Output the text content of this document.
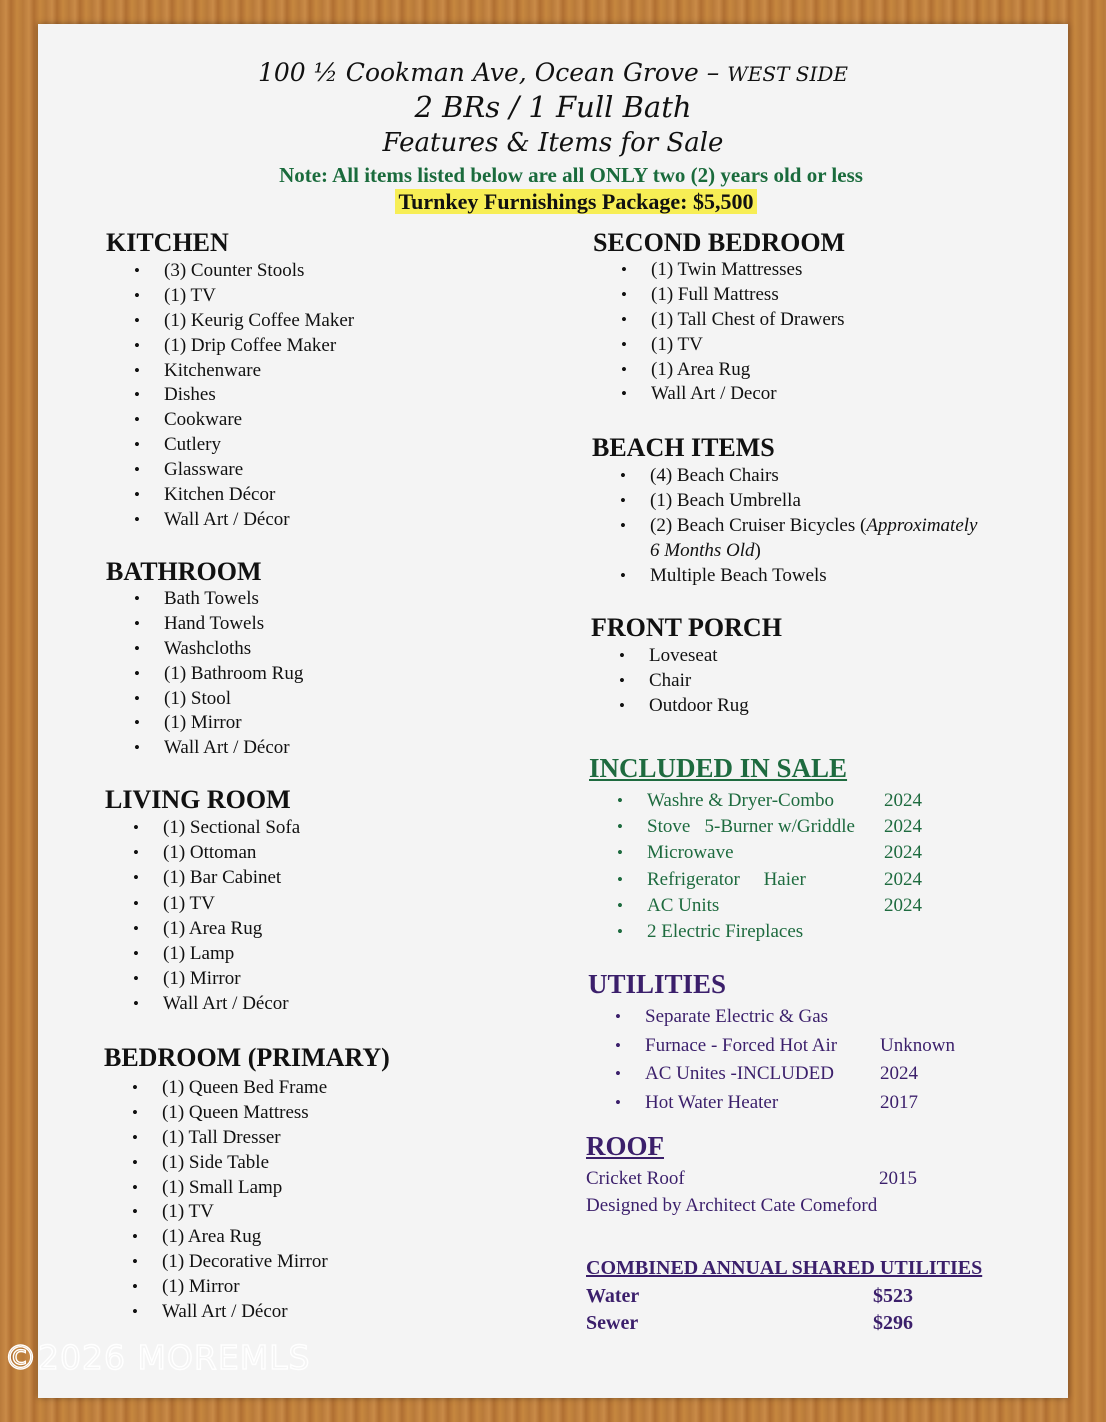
100 ½ Cookman Ave, Ocean Grove – WEST SIDE
2 BRs / 1 Full Bath
Features & Items for Sale
Note: All items listed below are all ONLY two (2) years old or less
Turnkey Furnishings Package: $5,500
KITCHEN
• (3) Counter Stools
• (1) TV
• (1) Keurig Coffee Maker
• (1) Drip Coffee Maker
• Kitchenware
• Dishes
• Cookware
• Cutlery
• Glassware
• Kitchen Décor
• Wall Art / Décor
BATHROOM
• Bath Towels
• Hand Towels
• Washcloths
• (1) Bathroom Rug
• (1) Stool
• (1) Mirror
• Wall Art / Décor
LIVING ROOM
• (1) Sectional Sofa
• (1) Ottoman
• (1) Bar Cabinet
• (1) TV
• (1) Area Rug
• (1) Lamp
• (1) Mirror
• Wall Art / Décor
BEDROOM (PRIMARY)
• (1) Queen Bed Frame
• (1) Queen Mattress
• (1) Tall Dresser
• (1) Side Table
• (1) Small Lamp
• (1) TV
• (1) Area Rug
• (1) Decorative Mirror
• (1) Mirror
• Wall Art / Décor
SECOND BEDROOM
• (1) Twin Mattresses
• (1) Full Mattress
• (1) Tall Chest of Drawers
• (1) TV
• (1) Area Rug
• Wall Art / Decor
BEACH ITEMS
• (4) Beach Chairs
• (1) Beach Umbrella
• (2) Beach Cruiser Bicycles (Approximately
6 Months Old)
• Multiple Beach Towels
FRONT PORCH
• Loveseat
• Chair
• Outdoor Rug
INCLUDED IN SALE
• Washre & Dryer-Combo	2024
• Stove   5-Burner w/Griddle 2024
• Microwave	2024
• Refrigerator     Haier	2024
• AC Units	2024
• 2 Electric Fireplaces
UTILITIES
• Separate Electric & Gas
• Furnace - Forced Hot Air Unknown
• AC Unites -INCLUDED 2024
• Hot Water Heater	2017
ROOF
Cricket Roof	2015
Designed by Architect Cate Comeford
COMBINED ANNUAL SHARED UTILITIES
Water	$523
Sewer	$296
©2026 MOREMLS
